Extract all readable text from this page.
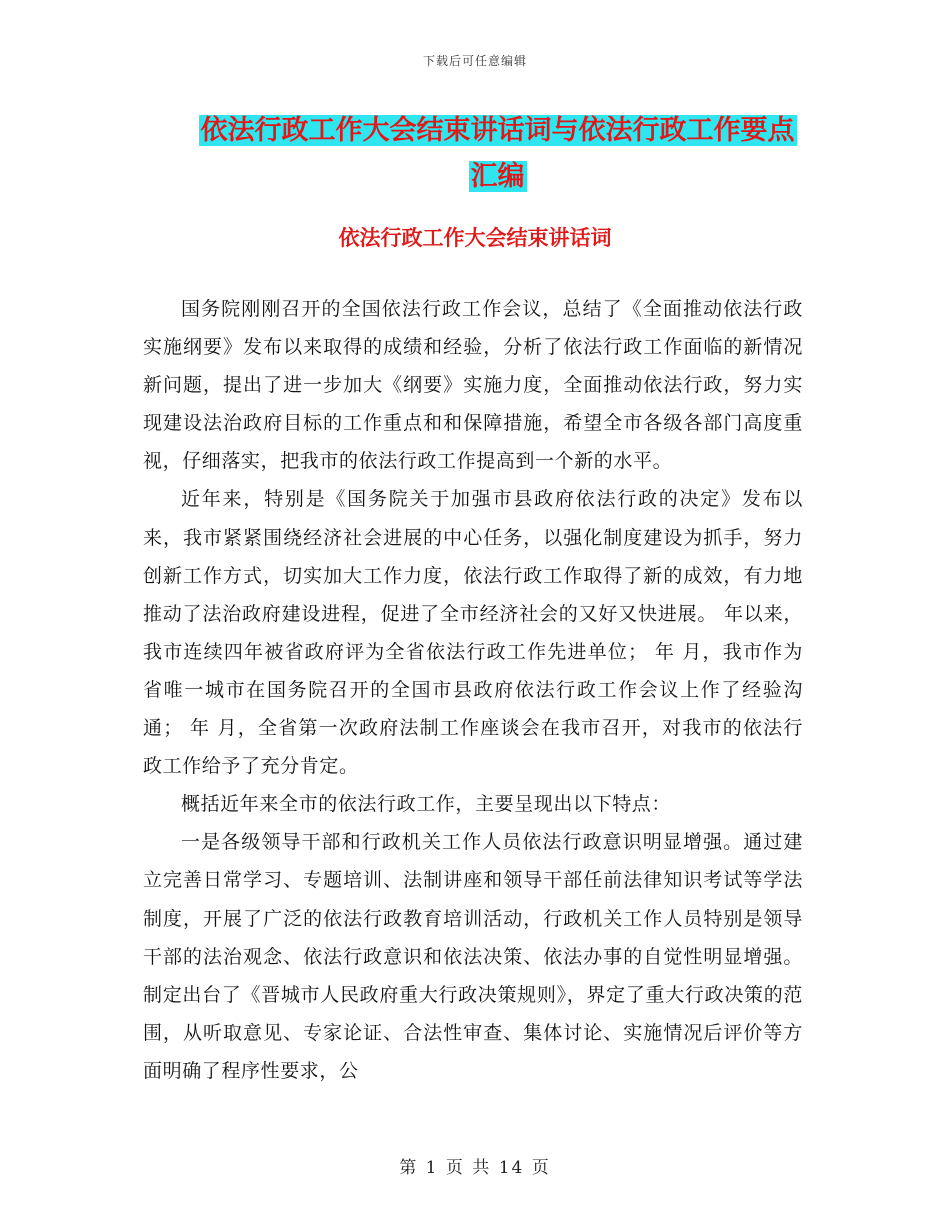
下载后可任意编辑
依法行政工作大会结束讲话词与依法行政工作要点汇编
依法行政工作大会结束讲话词

国务院刚刚召开的全国依法行政工作会议，总结了《全面推动依法行政实施纲要》发布以来取得的成绩和经验，分析了依法行政工作面临的新情况新问题，提出了进一步加大《纲要》实施力度，全面推动依法行政，努力实现建设法治政府目标的工作重点和和保障措施，希望全市各级各部门高度重视，仔细落实，把我市的依法行政工作提高到一个新的水平。

近年来，特别是《国务院关于加强市县政府依法行政的决定》发布以来，我市紧紧围绕经济社会进展的中心任务，以强化制度建设为抓手，努力创新工作方式，切实加大工作力度，依法行政工作取得了新的成效，有力地推动了法治政府建设进程，促进了全市经济社会的又好又快进展。 年以来，我市连续四年被省政府评为全省依法行政工作先进单位； 年 月，我市作为 省唯一城市在国务院召开的全国市县政府依法行政工作会议上作了经验沟通； 年 月，全省第一次政府法制工作座谈会在我市召开，对我市的依法行政工作给予了充分肯定。

概括近年来全市的依法行政工作，主要呈现出以下特点：

一是各级领导干部和行政机关工作人员依法行政意识明显增强。通过建立完善日常学习、专题培训、法制讲座和领导干部任前法律知识考试等学法制度，开展了广泛的依法行政教育培训活动，行政机关工作人员特别是领导干部的法治观念、依法行政意识和依法决策、依法办事的自觉性明显增强。制定出台了《晋城市人民政府重大行政决策规则》，界定了重大行政决策的范围，从听取意见、专家论证、合法性审查、集体讨论、实施情况后评价等方面明确了程序性要求，公

第 1 页 共 14 页
